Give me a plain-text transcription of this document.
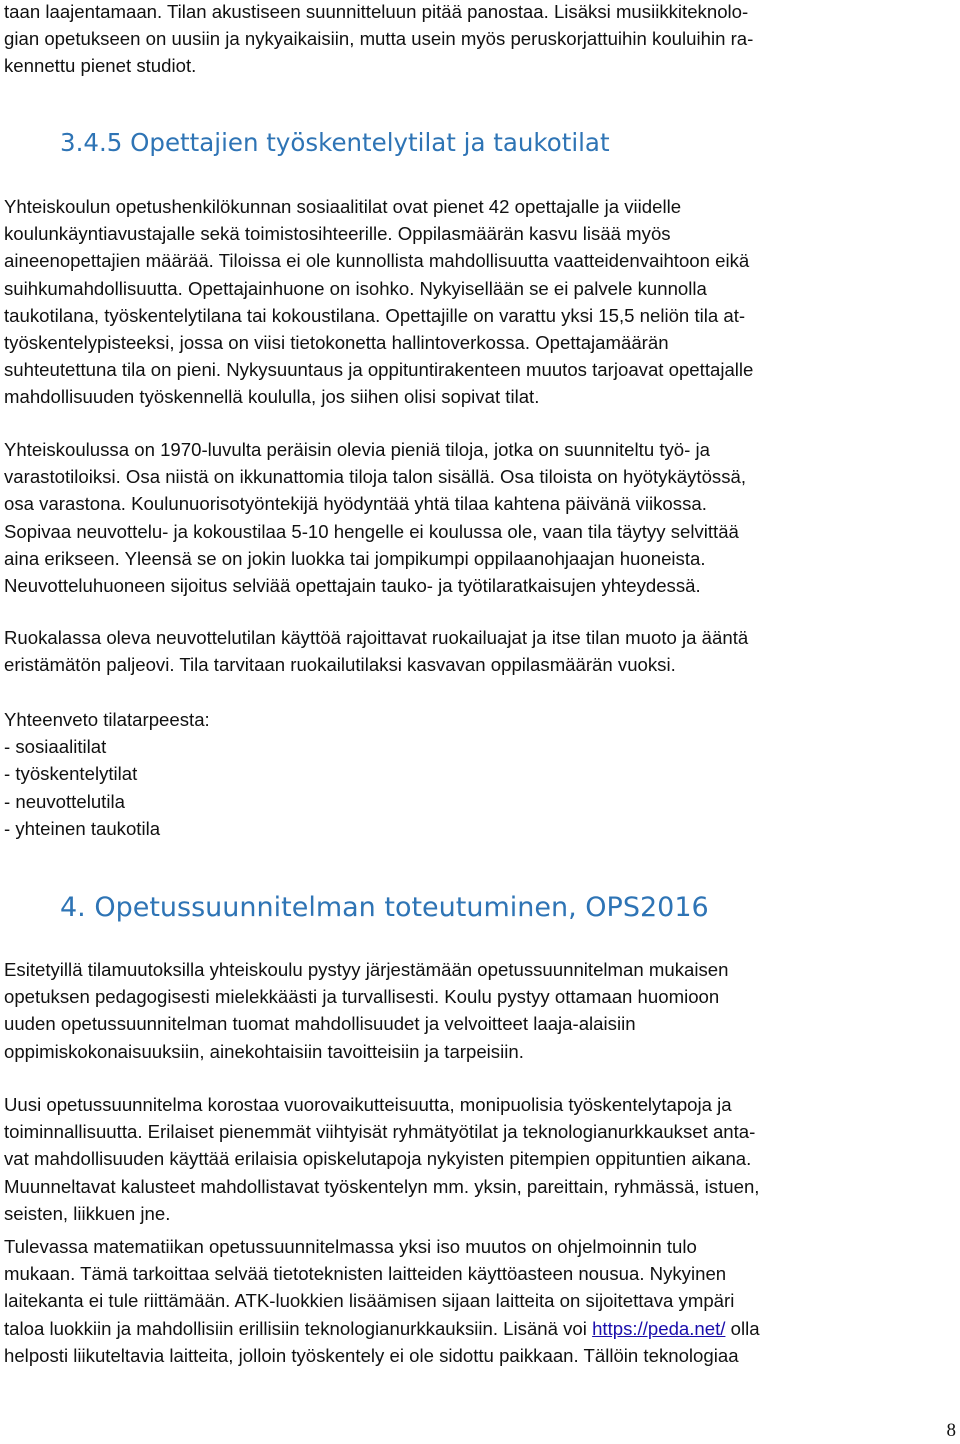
taan laajentamaan. Tilan akustiseen suunnitteluun pitää panostaa. Lisäksi musiikkiteknolo-
gian opetukseen on uusiin ja nykyaikaisiin, mutta usein myös peruskorjattuihin kouluihin ra-
kennettu pienet studiot.
3.4.5 Opettajien työskentelytilat ja taukotilat
Yhteiskoulun opetushenkilökunnan sosiaalitilat ovat pienet 42 opettajalle ja viidelle
koulunkäyntiavustajalle sekä toimistosihteerille. Oppilasmäärän kasvu lisää myös
aineenopettajien määrää. Tiloissa ei ole kunnollista mahdollisuutta vaatteidenvaihtoon eikä
suihkumahdollisuutta. Opettajainhuone on isohko. Nykyisellään se ei palvele kunnolla
taukotilana, työskentelytilana tai kokoustilana. Opettajille on varattu yksi 15,5 neliön tila at-
työskentelypisteeksi, jossa on viisi tietokonetta hallintoverkossa. Opettajamäärän
suhteutettuna tila on pieni. Nykysuuntaus ja oppituntirakenteen muutos tarjoavat opettajalle
mahdollisuuden työskennellä koululla, jos siihen olisi sopivat tilat.
Yhteiskoulussa on 1970-luvulta peräisin olevia pieniä tiloja, jotka on suunniteltu työ- ja
varastotiloiksi. Osa niistä on ikkunattomia tiloja talon sisällä. Osa tiloista on hyötykäytössä,
osa varastona. Koulunuorisotyöntekijä hyödyntää yhtä tilaa kahtena päivänä viikossa.
Sopivaa neuvottelu- ja kokoustilaa 5-10 hengelle ei koulussa ole, vaan tila täytyy selvittää
aina erikseen. Yleensä se on jokin luokka tai jompikumpi oppilaanohjaajan huoneista.
Neuvotteluhuoneen sijoitus selviää opettajain tauko- ja työtilaratkaisujen yhteydessä.
Ruokalassa oleva neuvottelutilan käyttöä rajoittavat ruokailuajat ja itse tilan muoto ja ääntä
eristämätön paljeovi. Tila tarvitaan ruokailutilaksi kasvavan oppilasmäärän vuoksi.
Yhteenveto tilatarpeesta:
- sosiaalitilat
- työskentelytilat
- neuvottelutila
- yhteinen taukotila
4. Opetussuunnitelman toteutuminen, OPS2016
Esitetyillä tilamuutoksilla yhteiskoulu pystyy järjestämään opetussuunnitelman mukaisen
opetuksen pedagogisesti mielekkäästi ja turvallisesti. Koulu pystyy ottamaan huomioon
uuden opetussuunnitelman tuomat mahdollisuudet ja velvoitteet laaja-alaisiin
oppimiskokonaisuuksiin, ainekohtaisiin tavoitteisiin ja tarpeisiin.
Uusi opetussuunnitelma korostaa vuorovaikutteisuutta, monipuolisia työskentelytapoja ja
toiminnallisuutta. Erilaiset pienemmät viihtyisät ryhmätyötilat ja teknologianurkkaukset anta-
vat mahdollisuuden käyttää erilaisia opiskelutapoja nykyisten pitempien oppituntien aikana.
Muunneltavat kalusteet mahdollistavat työskentelyn mm. yksin, pareittain, ryhmässä, istuen,
seisten, liikkuen jne.
Tulevassa matematiikan opetussuunnitelmassa yksi iso muutos on ohjelmoinnin tulo
mukaan. Tämä tarkoittaa selvää tietoteknisten laitteiden käyttöasteen nousua. Nykyinen
laitekanta ei tule riittämään. ATK-luokkien lisäämisen sijaan laitteita on sijoitettava ympäri
taloa luokkiin ja mahdollisiin erillisiin teknologianurkkauksiin. Lisänä voi https://peda.net/ olla
helposti liikuteltavia laitteita, jolloin työskentely ei ole sidottu paikkaan. Tällöin teknologiaa
8
